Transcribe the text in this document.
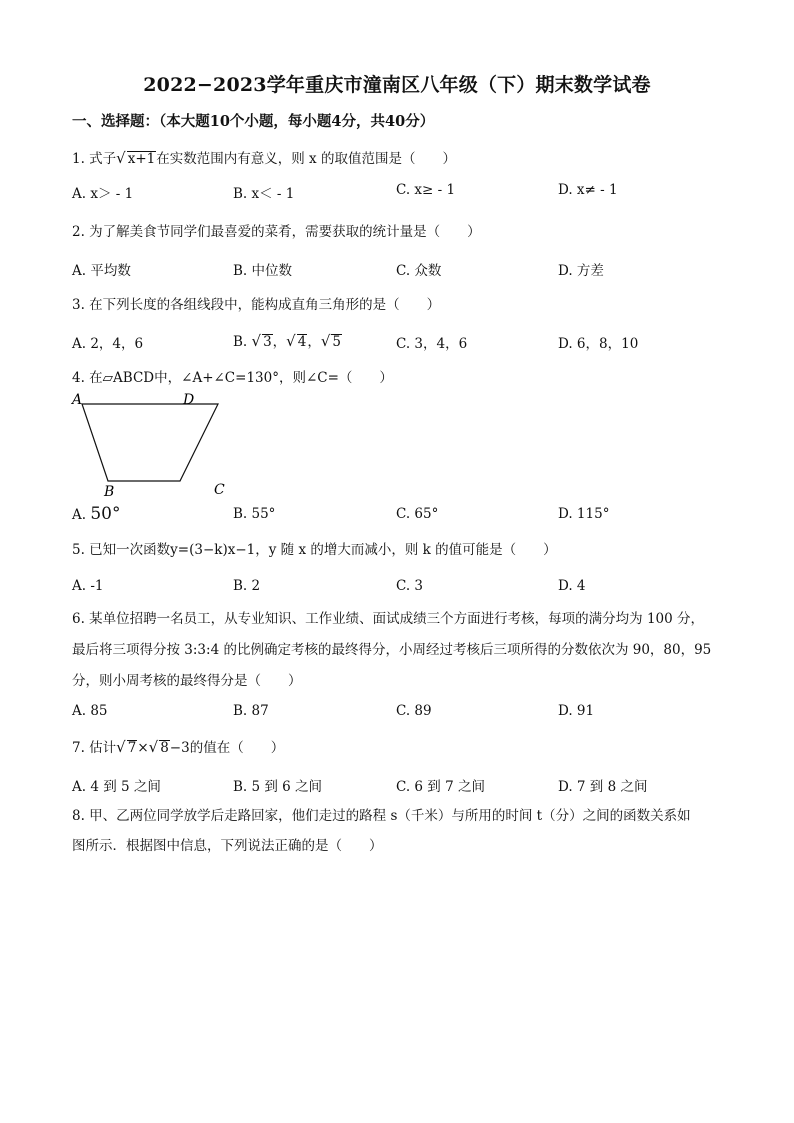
2022−2023学年重庆市潼南区八年级（下）期末数学试卷
一、选择题：（本大题10个小题，每小题4分，共40分）
1. 式子√ x+1在实数范围内有意义，则 x 的取值范围是（　　）
A. x＞ - 1	B. x＜ - 1	C. x≥ - 1	D. x≠ - 1
2. 为了解美食节同学们最喜爱的菜肴，需要获取的统计量是（　　）
A. 平均数	B. 中位数	C. 众数	D. 方差
3. 在下列长度的各组线段中，能构成直角三角形的是（　　）
A. 2，4，6	B. √ 3，√ 4，√ 5	C. 3，4，6	D. 6，8，10
4. 在▱ABCD中，∠A+∠C=130°，则∠C=（　　）
A	D
B	C
A. 50°	B. 55°	C. 65°	D. 115°
5. 已知一次函数y=(3−k)x−1，y 随 x 的增大而减小，则 k 的值可能是（　　）
A. -1	B. 2	C. 3	D. 4
6. 某单位招聘一名员工，从专业知识、工作业绩、面试成绩三个方面进行考核，每项的满分均为 100 分，
最后将三项得分按 3:3:4 的比例确定考核的最终得分，小周经过考核后三项所得的分数依次为 90，80，95
分，则小周考核的最终得分是（　　）
A. 85	B. 87	C. 89	D. 91
7. 估计√ 7×√ 8−3的值在（　　）
A. 4 到 5 之间	B. 5 到 6 之间	C. 6 到 7 之间	D. 7 到 8 之间
8. 甲、乙两位同学放学后走路回家，他们走过的路程 s（千米）与所用的时间 t（分）之间的函数关系如
图所示．根据图中信息，下列说法正确的是（　　）
